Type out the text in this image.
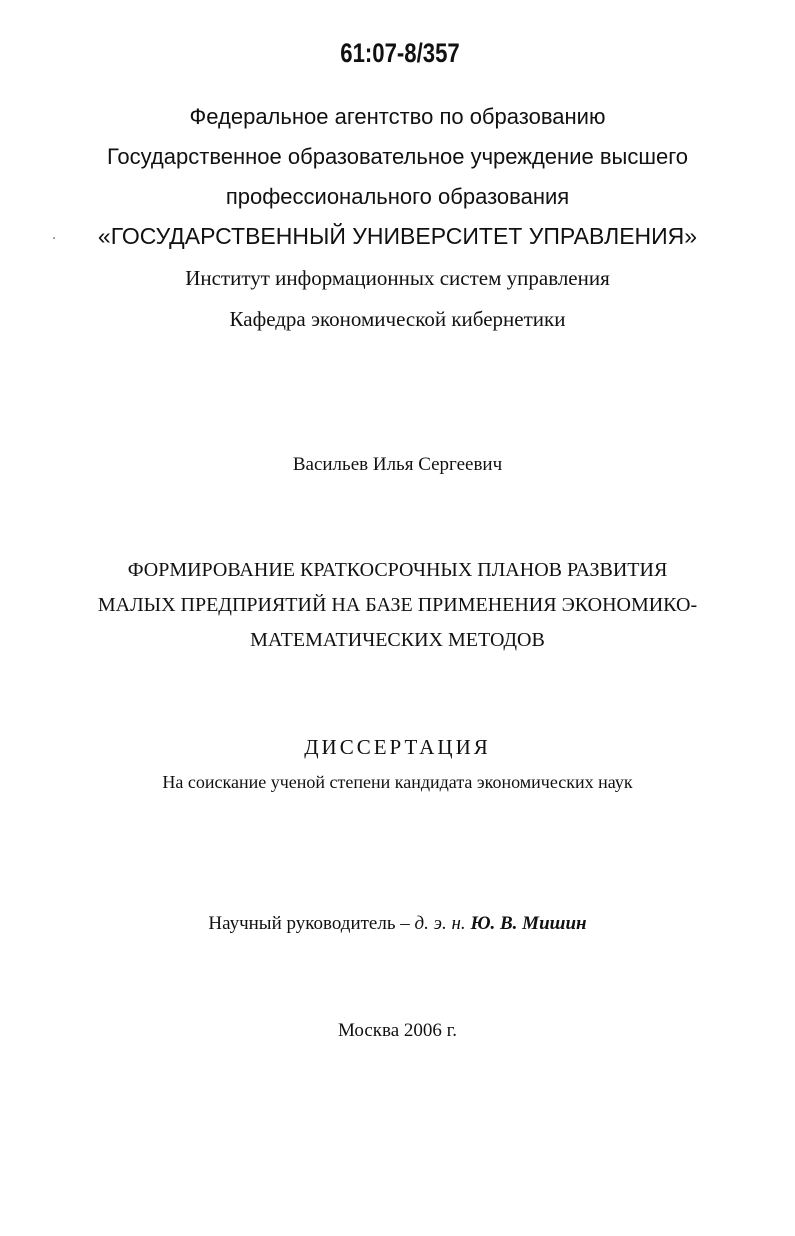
61:07-8/357
Федеральное агентство по образованию
Государственное образовательное учреждение высшего
профессионального образования
«ГОСУДАРСТВЕННЫЙ УНИВЕРСИТЕТ УПРАВЛЕНИЯ»
Институт информационных систем управления
Кафедра экономической кибернетики
Васильев Илья Сергеевич
ФОРМИРОВАНИЕ КРАТКОСРОЧНЫХ ПЛАНОВ РАЗВИТИЯ
МАЛЫХ ПРЕДПРИЯТИЙ НА БАЗЕ ПРИМЕНЕНИЯ ЭКОНОМИКО-
МАТЕМАТИЧЕСКИХ МЕТОДОВ
ДИССЕРТАЦИЯ
На соискание ученой степени кандидата экономических наук
Научный руководитель – д. э. н. Ю. В. Мишин
Москва 2006 г.
